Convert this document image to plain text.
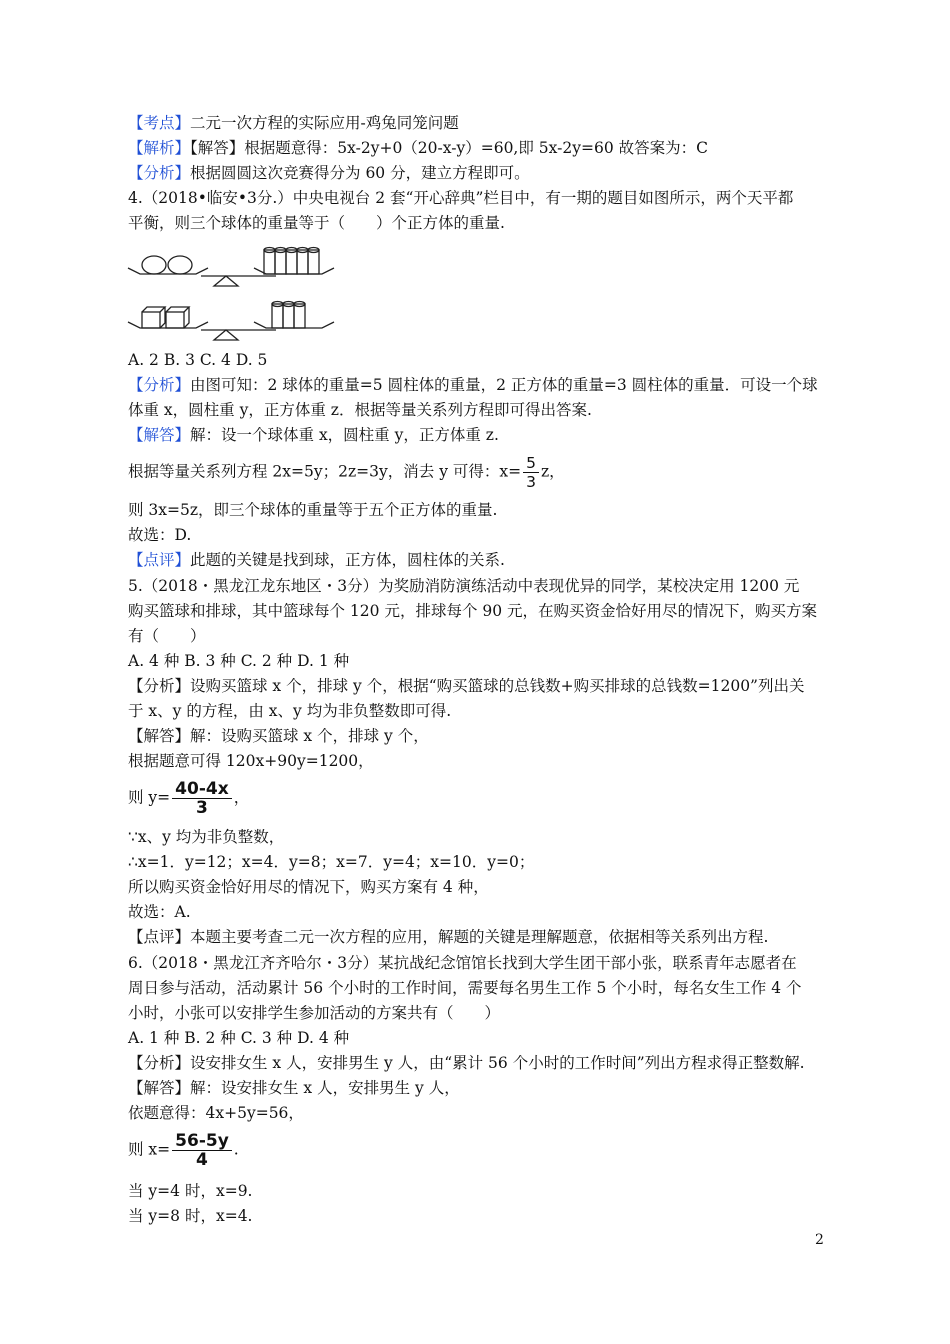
【考点】二元一次方程的实际应用-鸡兔同笼问题
【解析】【解答】根据题意得：5x-2y+0（20-x-y）=60,即 5x-2y=60 故答案为：C
【分析】根据圆圆这次竞赛得分为 60 分，建立方程即可。
4.（2018•临安•3分.）中央电视台 2 套“开心辞典”栏目中，有一期的题目如图所示，两个天平都
平衡，则三个球体的重量等于（　　）个正方体的重量.
A. 2 B. 3 C. 4 D. 5
【分析】由图可知：2 球体的重量=5 圆柱体的重量，2 正方体的重量=3 圆柱体的重量．可设一个球
体重 x，圆柱重 y，正方体重 z．根据等量关系列方程即可得出答案.
【解答】解：设一个球体重 x，圆柱重 y，正方体重 z.
根据等量关系列方程 2x=5y；2z=3y，消去 y 可得：$x= \frac{5}{3}$ z，
则 3x=5z，即三个球体的重量等于五个正方体的重量.
故选：D.
【点评】此题的关键是找到球，正方体，圆柱体的关系.
5.（2018・黑龙江龙东地区・3分）为奖励消防演练活动中表现优异的同学，某校决定用 1200 元
购买篮球和排球，其中篮球每个 120 元，排球每个 90 元，在购买资金恰好用尽的情况下，购买方案
有（　　）
A. 4 种 B. 3 种 C. 2 种 D. 1 种
【分析】设购买篮球 x 个，排球 y 个，根据“购买篮球的总钱数+购买排球的总钱数=1200”列出关
于 x、y 的方程，由 x、y 均为非负整数即可得.
【解答】解：设购买篮球 x 个，排球 y 个，
根据题意可得 120x+90y=1200，
则 $y= \frac{40-4x}{3}$ ，
∵x、y 均为非负整数，
∴x=1．y=12；x=4．y=8；x=7．y=4；x=10．y=0；
所以购买资金恰好用尽的情况下，购买方案有 4 种，
故选：A.
【点评】本题主要考查二元一次方程的应用，解题的关键是理解题意，依据相等关系列出方程.
6.（2018・黑龙江齐齐哈尔・3分）某抗战纪念馆馆长找到大学生团干部小张，联系青年志愿者在
周日参与活动，活动累计 56 个小时的工作时间，需要每名男生工作 5 个小时，每名女生工作 4 个
小时，小张可以安排学生参加活动的方案共有（　　）
A. 1 种 B. 2 种 C. 3 种 D. 4 种
【分析】设安排女生 x 人，安排男生 y 人，由“累计 56 个小时的工作时间”列出方程求得正整数解.
【解答】解：设安排女生 x 人，安排男生 y 人，
依题意得：4x+5y=56，
则 $x= \frac{56-5y}{4}$ .
当 y=4 时，x=9.
当 y=8 时，x=4.
2
